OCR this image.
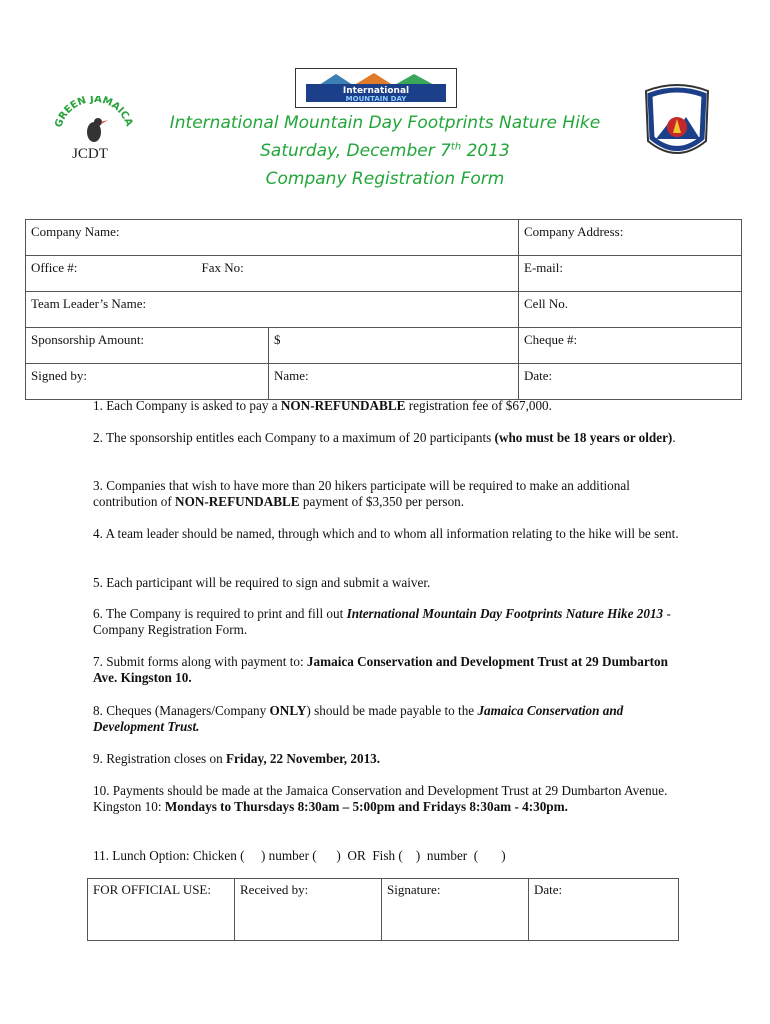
International
MOUNTAIN DAY
GREEN JAMAICA
JCDT
International Mountain Day Footprints Nature Hike
Saturday, December 7th 2013
Company Registration Form
Company Name:		Company Address:
Office #: Fax No:		E-mail:
Team Leader’s Name:		Cell No.
Sponsorship Amount:	$	Cheque #:
Signed by:	Name:	Date:
1. Each Company is asked to pay a NON-REFUNDABLE registration fee of $67,000.
2. The sponsorship entitles each Company to a maximum of 20 participants (who must be 18 years or older).
3. Companies that wish to have more than 20 hikers participate will be required to make an additional contribution of NON-REFUNDABLE payment of $3,350 per person.
4. A team leader should be named, through which and to whom all information relating to the hike will be sent.
5. Each participant will be required to sign and submit a waiver.
6. The Company is required to print and fill out International Mountain Day Footprints Nature Hike 2013 - Company Registration Form.
7. Submit forms along with payment to: Jamaica Conservation and Development Trust at 29 Dumbarton Ave. Kingston 10.
8. Cheques (Managers/Company ONLY) should be made payable to the Jamaica Conservation and Development Trust.
9. Registration closes on Friday, 22 November, 2013.
10. Payments should be made at the Jamaica Conservation and Development Trust at 29 Dumbarton Avenue. Kingston 10: Mondays to Thursdays 8:30am – 5:00pm and Fridays 8:30am - 4:30pm.
11. Lunch Option: Chicken (     ) number (      )  OR  Fish (    )  number  (       )
FOR OFFICIAL USE:	Received by:	Signature:	Date:
